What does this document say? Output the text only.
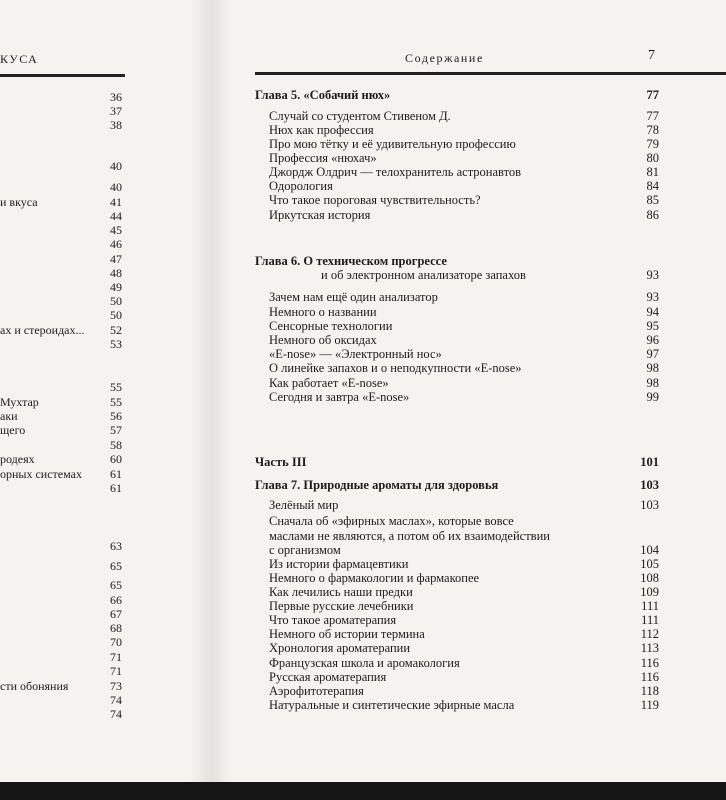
КУСА
36
37
38
40
40
и вкуса	41
44
45
46
47
48
49
50
50
ах и стероидах... 52
53
55
Мухтар	55
аки	56
щего	57
58
родеях	60
орных системах 61
61
63
65
65
66
67
68
70
71
71
сти обоняния	73
74
74
Содержание	7
Глава 5. «Собачий нюх»	77
Случай со студентом Стивеном Д.	77
Нюх как профессия	78
Про мою тётку и её удивительную профессию	79
Профессия «нюхач»	80
Джордж Олдрич — телохранитель астронавтов	81
Одорология	84
Что такое пороговая чувствительность?	85
Иркутская история	86
Глава 6. О техническом прогрессе
и об электронном анализаторе запахов	93
Зачем нам ещё один анализатор	93
Немного о названии	94
Сенсорные технологии	95
Немного об оксидах	96
«E-nose» — «Электронный нос»	97
О линейке запахов и о неподкупности «E-nose»	98
Как работает «E-nose»	98
Сегодня и завтра «E-nose»	99
Часть III	101
Глава 7. Природные ароматы для здоровья	103
Зелёный мир	103
Сначала об «эфирных маслах», которые вовсе
маслами не являются, а потом об их взаимодействии
с организмом	104
Из истории фармацевтики	105
Немного о фармакологии и фармакопее	108
Как лечились наши предки	109
Первые русские лечебники	111
Что такое ароматерапия	111
Немного об истории термина	112
Хронология ароматерапии	113
Французская школа и аромакология	116
Русская ароматерапия	116
Аэрофитотерапия	118
Натуральные и синтетические эфирные масла	119
